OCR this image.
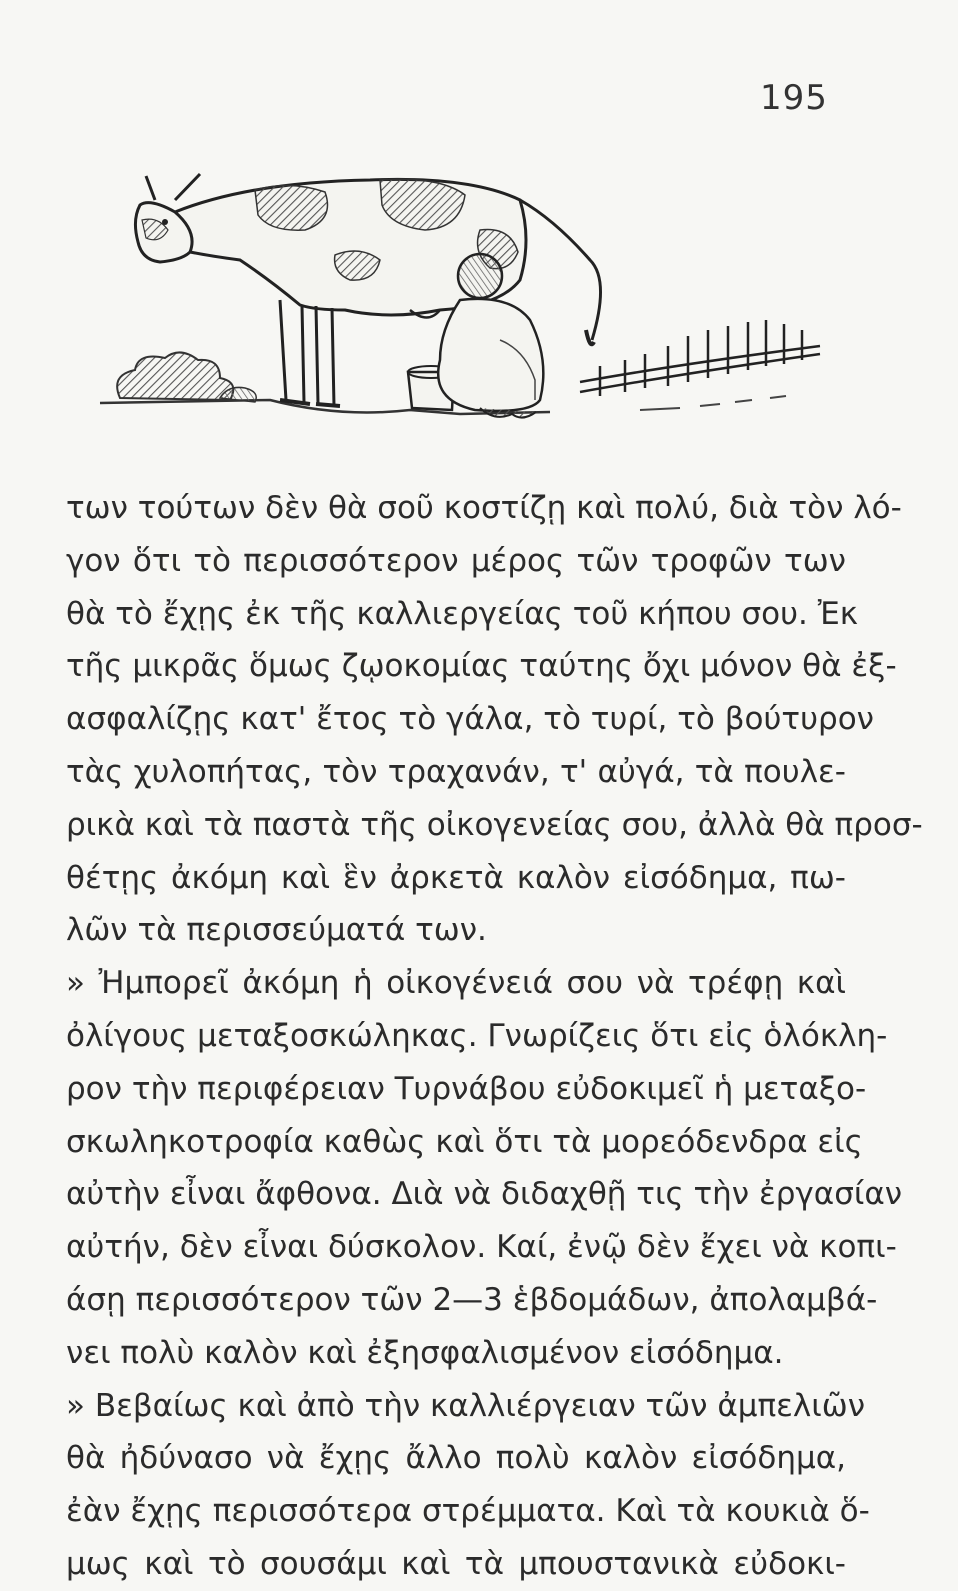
195
των τούτων δὲν θὰ σοῦ κοστίζῃ καὶ πολύ, διὰ τὸν λό-
γον ὅτι τὸ περισσότερον μέρος τῶν τροφῶν των
θὰ τὸ ἔχῃς ἐκ τῆς καλλιεργείας τοῦ κήπου σου. Ἐκ
τῆς μικρᾶς ὅμως ζῳοκομίας ταύτης ὄχι μόνον θὰ ἐξ-
ασφαλίζῃς κατ' ἔτος τὸ γάλα, τὸ τυρί, τὸ βούτυρον
τὰς χυλοπήτας, τὸν τραχανάν, τ' αὐγά, τὰ πουλε-
ρικὰ καὶ τὰ παστὰ τῆς οἰκογενείας σου, ἀλλὰ θὰ προσ-
θέτῃς ἀκόμη καὶ ἓν ἀρκετὰ καλὸν εἰσόδημα, πω-
λῶν τὰ περισσεύματά των.
» Ἠμπορεῖ ἀκόμη ἡ οἰκογένειά σου νὰ τρέφῃ καὶ
ὀλίγους μεταξοσκώληκας. Γνωρίζεις ὅτι εἰς ὁλόκλη-
ρον τὴν περιφέρειαν Τυρνάβου εὐδοκιμεῖ ἡ μεταξο-
σκωληκοτροφία καθὼς καὶ ὅτι τὰ μορεόδενδρα εἰς
αὐτὴν εἶναι ἄφθονα. Διὰ νὰ διδαχθῇ τις τὴν ἐργασίαν
αὐτήν, δὲν εἶναι δύσκολον. Καί, ἐνῷ δὲν ἔχει νὰ κοπι-
άσῃ περισσότερον τῶν 2—3 ἑβδομάδων, ἀπολαμβά-
νει πολὺ καλὸν καὶ ἐξησφαλισμένον εἰσόδημα.
» Βεβαίως καὶ ἀπὸ τὴν καλλιέργειαν τῶν ἀμπελιῶν
θὰ ἠδύνασο νὰ ἔχῃς ἄλλο πολὺ καλὸν εἰσόδημα,
ἐὰν ἔχῃς περισσότερα στρέμματα. Καὶ τὰ κουκιὰ ὅ-
μως καὶ τὸ σουσάμι καὶ τὰ μπουστανικὰ εὐδοκι-
